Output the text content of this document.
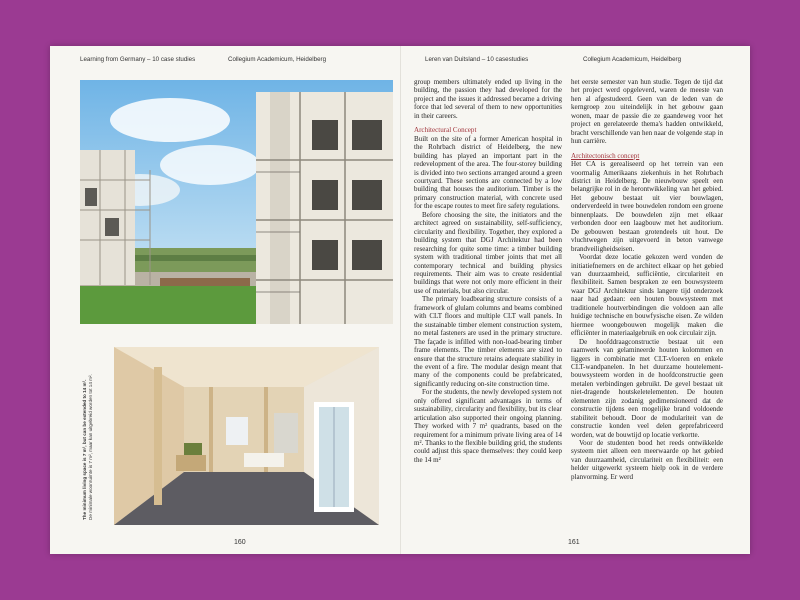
Learning from Germany – 10 case studies	Collegium Academicum, Heidelberg
The minimum living space is 7 m², but can be extended to 14 m². De minimale woonruimte is 7 m², maar kan uitgebreid worden tot 14 m².
160

group members ultimately ended up living in the building, the passion they had developed for the project and the issues it addressed became a driving force that led several of them to new opportunities in their careers.

Architectural Concept

Built on the site of a former American hospital in the Rohrbach district of Heidelberg, the new building has played an important part in the redevelopment of the area. The four-storey building is divided into two sections arranged around a green courtyard. These sections are connected by a low building that houses the auditorium. Timber is the primary construction material, with concrete used for the escape routes to meet fire safety regulations.

Before choosing the site, the initiators and the architect agreed on sustainability, self-sufficiency, circularity and flexibility. Together, they explored a building system that DGJ Architektur had been researching for quite some time: a timber building system with traditional timber joints that met all contemporary technical and building physics requirements. Their aim was to create residential buildings that were not only more efficient in their use of materials, but also circular.

The primary loadbearing structure consists of a framework of glulam columns and beams combined with CLT floors and multiple CLT wall panels. In the sustainable timber element construction system, no metal fasteners are used in the primary structure. The façade is infilled with non-load-bearing timber frame elements. The timber elements are sized to ensure that the structure retains adequate stability in the event of a fire. The modular design meant that many of the components could be prefabricated, significantly reducing on-site construction time.

For the students, the newly developed system not only offered significant advantages in terms of sustainability, circularity and flexibility, but its clear articulation also supported their ongoing planning. They worked with 7 m² quadrants, based on the requirement for a minimum private living area of 14 m². Thanks to the flexible building grid, the students could adjust this space themselves: they could keep the 14 m²

Leren van Duitsland – 10 casestudies	Collegium Academicum, Heidelberg

het eerste semester van hun studie. Tegen de tijd dat het project werd opgeleverd, waren de meeste van hen al afgestudeerd. Geen van de leden van de kerngroep zou uiteindelijk in het gebouw gaan wonen, maar de passie die ze gaandeweg voor het project en gerelateerde thema's hadden ontwikkeld, bracht verschillende van hen naar de volgende stap in hun carrière.

Architectonisch concept

Het CA is gerealiseerd op het terrein van een voormalig Amerikaans ziekenhuis in het Rohrbach district in Heidelberg. De nieuwbouw speelt een belangrijke rol in de herontwikkeling van het gebied. Het gebouw bestaat uit vier bouwlagen, onderverdeeld in twee bouwdelen rondom een groene binnenplaats. De bouwdelen zijn met elkaar verbonden door een laagbouw met het auditorium. De gebouwen bestaan grotendeels uit hout. De vluchtwegen zijn uitgevoerd in beton vanwege brandveiligheidseisen.

Voordat deze locatie gekozen werd vonden de initiatiefnemers en de architect elkaar op het gebied van duurzaamheid, sufficiëntie, circulariteit en flexibiliteit. Samen bespraken ze een bouwsysteem waar DGJ Architektur sinds langere tijd onderzoek naar had gedaan: een houten bouwsysteem met traditionele houtverbindingen die voldoen aan alle huidige technische en bouwfysische eisen. Ze wilden hiermee woongebouwen mogelijk maken die efficiënter in materiaalgebruik en ook circulair zijn.

De hoofddraagconstructie bestaat uit een raamwerk van gelamineerde houten kolommen en liggers in combinatie met CLT-vloeren en enkele CLT-wandpanelen. In het duurzame houtelement-bouwsysteem worden in de hoofdconstructie geen metalen verbindingen gebruikt. De gevel bestaat uit niet-dragende houtskeletelementen. De houten elementen zijn zodanig gedimensioneerd dat de constructie tijdens een mogelijke brand voldoende stabiliteit behoudt. Door de modulariteit van de constructie konden veel delen geprefabriceerd worden, wat de bouwtijd op locatie verkortte.

Voor de studenten bood het reeds ontwikkelde systeem niet alleen een meerwaarde op het gebied van duurzaamheid, circulariteit en flexibiliteit: een helder uitgewerkt systeem hielp ook in de verdere planvorming. Er werd

161
